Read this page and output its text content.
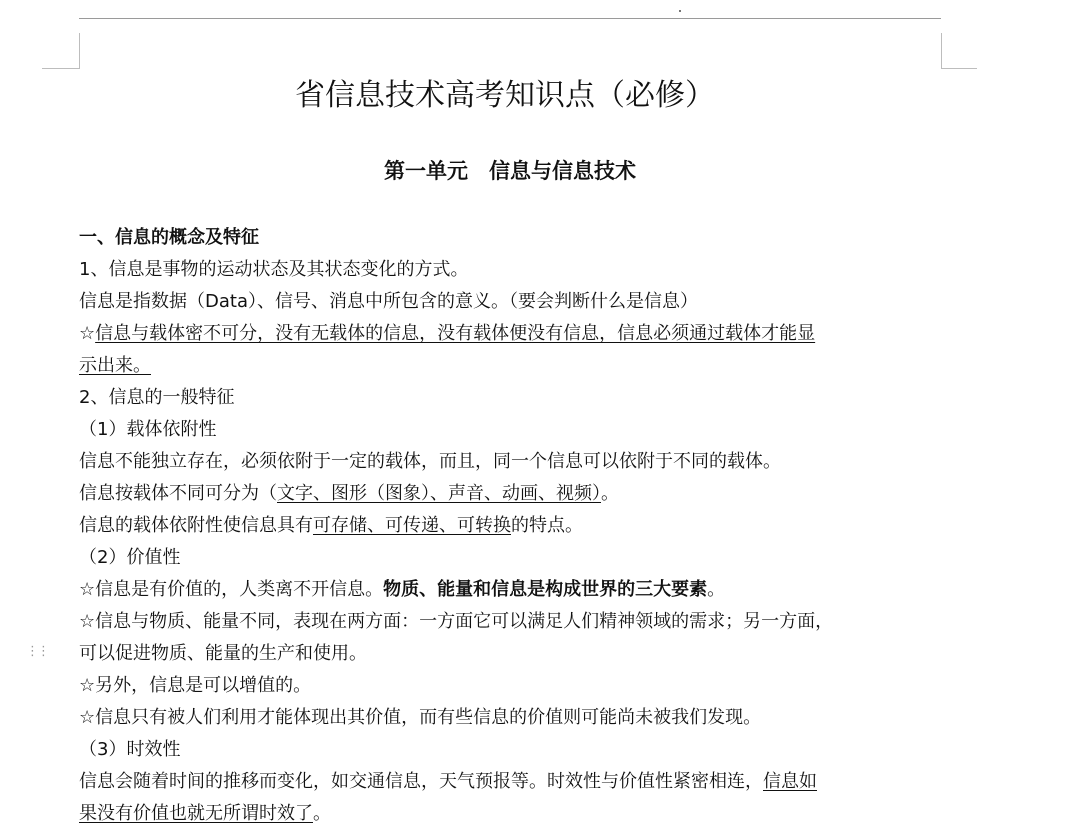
⋮⋮
省信息技术高考知识点（必修）
第一单元　信息与信息技术
一、信息的概念及特征
1、信息是事物的运动状态及其状态变化的方式。
信息是指数据（Data）、信号、消息中所包含的意义。（要会判断什么是信息）
☆信息与载体密不可分，没有无载体的信息，没有载体便没有信息，信息必须通过载体才能显
示出来。
2、信息的一般特征
（1）载体依附性
信息不能独立存在，必须依附于一定的载体，而且，同一个信息可以依附于不同的载体。
信息按载体不同可分为（文字、图形（图象）、声音、动画、视频）。
信息的载体依附性使信息具有可存储、可传递、可转换的特点。
（2）价值性
☆信息是有价值的，人类离不开信息。物质、能量和信息是构成世界的三大要素。
☆信息与物质、能量不同，表现在两方面：一方面它可以满足人们精神领域的需求；另一方面，
可以促进物质、能量的生产和使用。
☆另外，信息是可以增值的。
☆信息只有被人们利用才能体现出其价值，而有些信息的价值则可能尚未被我们发现。
（3）时效性
信息会随着时间的推移而变化，如交通信息，天气预报等。时效性与价值性紧密相连，信息如
果没有价值也就无所谓时效了。
